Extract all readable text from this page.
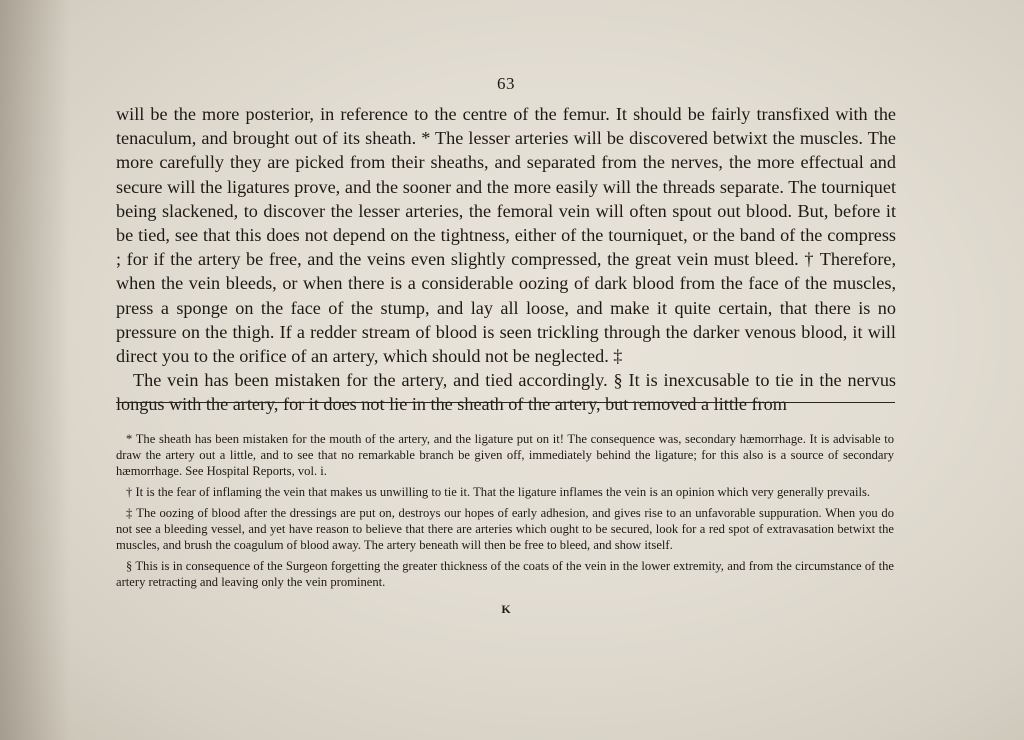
63

will be the more posterior, in reference to the centre of the femur. It should be fairly transfixed with the tenaculum, and brought out of its sheath. * The lesser arteries will be discovered betwixt the muscles. The more carefully they are picked from their sheaths, and separated from the nerves, the more effectual and secure will the ligatures prove, and the sooner and the more easily will the threads separate. The tourniquet being slackened, to discover the lesser arteries, the femoral vein will often spout out blood. But, before it be tied, see that this does not depend on the tightness, either of the tourniquet, or the band of the compress ; for if the artery be free, and the veins even slightly compressed, the great vein must bleed. † Therefore, when the vein bleeds, or when there is a considerable oozing of dark blood from the face of the muscles, press a sponge on the face of the stump, and lay all loose, and make it quite certain, that there is no pressure on the thigh. If a redder stream of blood is seen trickling through the darker venous blood, it will direct you to the orifice of an artery, which should not be neglected. ‡

The vein has been mistaken for the artery, and tied accordingly. § It is inexcusable to tie in the nervus longus with the artery, for it does not lie in the sheath of the artery, but removed a little from

* The sheath has been mistaken for the mouth of the artery, and the ligature put on it! The consequence was, secondary hæmorrhage. It is advisable to draw the artery out a little, and to see that no remarkable branch be given off, immediately behind the ligature; for this also is a source of secondary hæmorrhage. See Hospital Reports, vol. i.

† It is the fear of inflaming the vein that makes us unwilling to tie it. That the ligature inflames the vein is an opinion which very generally prevails.

‡ The oozing of blood after the dressings are put on, destroys our hopes of early adhesion, and gives rise to an unfavorable suppuration. When you do not see a bleeding vessel, and yet have reason to believe that there are arteries which ought to be secured, look for a red spot of extravasation betwixt the muscles, and brush the coagulum of blood away. The artery beneath will then be free to bleed, and show itself.

§ This is in consequence of the Surgeon forgetting the greater thickness of the coats of the vein in the lower extremity, and from the circumstance of the artery retracting and leaving only the vein prominent.

K
